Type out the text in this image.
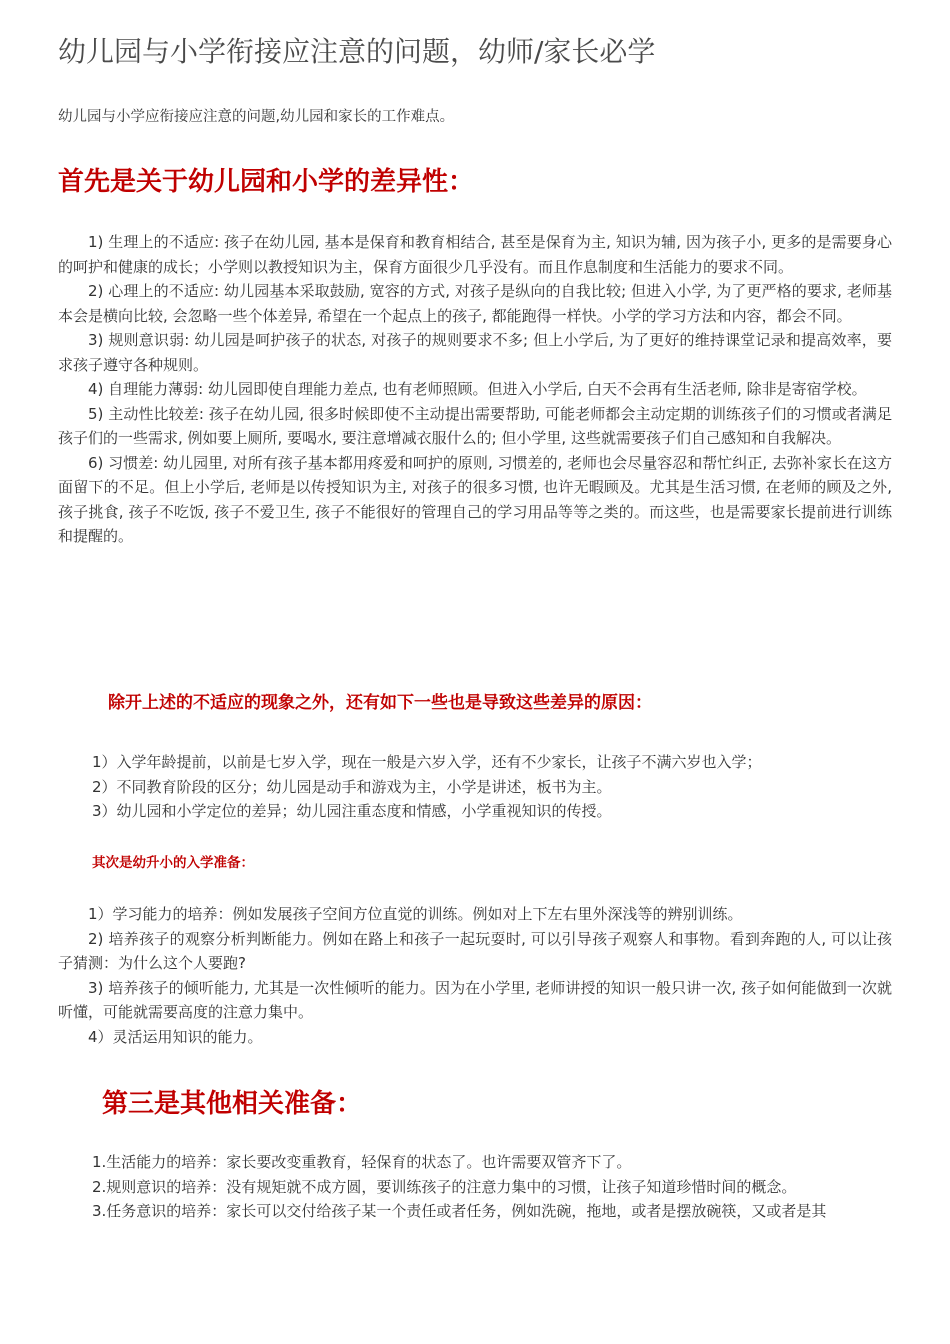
幼儿园与小学衔接应注意的问题，幼师/家长必学

幼儿园与小学应衔接应注意的问题,幼儿园和家长的工作难点。

首先是关于幼儿园和小学的差异性：

1) 生理上的不适应: 孩子在幼儿园, 基本是保育和教育相结合, 甚至是保育为主, 知识为辅, 因为孩子小, 更多的是需要身心的呵护和健康的成长；小学则以教授知识为主，保育方面很少几乎没有。而且作息制度和生活能力的要求不同。

2) 心理上的不适应: 幼儿园基本采取鼓励, 宽容的方式, 对孩子是纵向的自我比较; 但进入小学, 为了更严格的要求, 老师基本会是横向比较, 会忽略一些个体差异, 希望在一个起点上的孩子, 都能跑得一样快。小学的学习方法和内容，都会不同。

3) 规则意识弱: 幼儿园是呵护孩子的状态, 对孩子的规则要求不多; 但上小学后, 为了更好的维持课堂记录和提高效率，要求孩子遵守各种规则。

4) 自理能力薄弱: 幼儿园即使自理能力差点, 也有老师照顾。但进入小学后, 白天不会再有生活老师, 除非是寄宿学校。

5) 主动性比较差: 孩子在幼儿园, 很多时候即使不主动提出需要帮助, 可能老师都会主动定期的训练孩子们的习惯或者满足孩子们的一些需求, 例如要上厕所, 要喝水, 要注意增减衣服什么的; 但小学里, 这些就需要孩子们自己感知和自我解决。

6) 习惯差: 幼儿园里, 对所有孩子基本都用疼爱和呵护的原则, 习惯差的, 老师也会尽量容忍和帮忙纠正, 去弥补家长在这方面留下的不足。但上小学后, 老师是以传授知识为主, 对孩子的很多习惯, 也许无暇顾及。尤其是生活习惯, 在老师的顾及之外, 孩子挑食, 孩子不吃饭, 孩子不爱卫生, 孩子不能很好的管理自己的学习用品等等之类的。而这些，也是需要家长提前进行训练和提醒的。

除开上述的不适应的现象之外，还有如下一些也是导致这些差异的原因：

1）入学年龄提前，以前是七岁入学，现在一般是六岁入学，还有不少家长，让孩子不满六岁也入学；

2）不同教育阶段的区分；幼儿园是动手和游戏为主，小学是讲述，板书为主。

3）幼儿园和小学定位的差异；幼儿园注重态度和情感，小学重视知识的传授。

其次是幼升小的入学准备：

1）学习能力的培养：例如发展孩子空间方位直觉的训练。例如对上下左右里外深浅等的辨别训练。

2) 培养孩子的观察分析判断能力。例如在路上和孩子一起玩耍时, 可以引导孩子观察人和事物。看到奔跑的人, 可以让孩子猜测：为什么这个人要跑?

3) 培养孩子的倾听能力, 尤其是一次性倾听的能力。因为在小学里, 老师讲授的知识一般只讲一次, 孩子如何能做到一次就听懂，可能就需要高度的注意力集中。

4）灵活运用知识的能力。

第三是其他相关准备：

1.生活能力的培养：家长要改变重教育，轻保育的状态了。也许需要双管齐下了。

2.规则意识的培养：没有规矩就不成方圆，要训练孩子的注意力集中的习惯，让孩子知道珍惜时间的概念。

3.任务意识的培养：家长可以交付给孩子某一个责任或者任务，例如洗碗，拖地，或者是摆放碗筷，又或者是其
